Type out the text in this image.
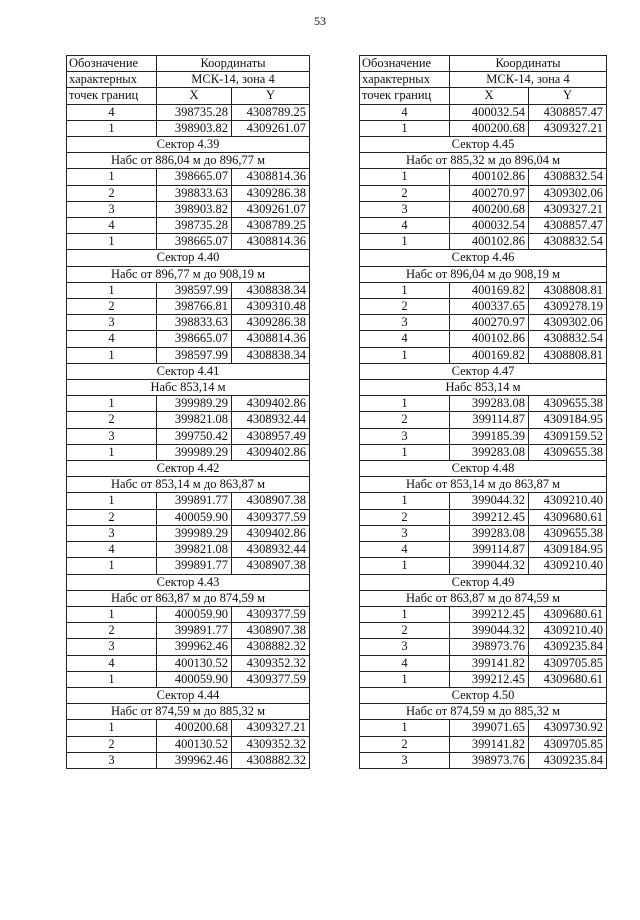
53
Обозначение	Координаты	
характерных	МСК-14, зона 4	
точек границ	X	Y
4	398735.28	4308789.25
1	398903.82	4309261.07
Сектор 4.39		
Набс от 886,04 м до 896,77 м		
1	398665.07	4308814.36
2	398833.63	4309286.38
3	398903.82	4309261.07
4	398735.28	4308789.25
1	398665.07	4308814.36
Сектор 4.40		
Набс от 896,77 м до 908,19 м		
1	398597.99	4308838.34
2	398766.81	4309310.48
3	398833.63	4309286.38
4	398665.07	4308814.36
1	398597.99	4308838.34
Сектор 4.41		
Набс 853,14 м		
1	399989.29	4309402.86
2	399821.08	4308932.44
3	399750.42	4308957.49
1	399989.29	4309402.86
Сектор 4.42		
Набс от 853,14 м до 863,87 м		
1	399891.77	4308907.38
2	400059.90	4309377.59
3	399989.29	4309402.86
4	399821.08	4308932.44
1	399891.77	4308907.38
Сектор 4.43		
Набс от 863,87 м до 874,59 м		
1	400059.90	4309377.59
2	399891.77	4308907.38
3	399962.46	4308882.32
4	400130.52	4309352.32
1	400059.90	4309377.59
Сектор 4.44		
Набс от 874,59 м до 885,32 м		
1	400200.68	4309327.21
2	400130.52	4309352.32
3	399962.46	4308882.32
Обозначение	Координаты	
характерных	МСК-14, зона 4	
точек границ	X	Y
4	400032.54	4308857.47
1	400200.68	4309327.21
Сектор 4.45		
Набс от 885,32 м до 896,04 м		
1	400102.86	4308832.54
2	400270.97	4309302.06
3	400200.68	4309327.21
4	400032.54	4308857.47
1	400102.86	4308832.54
Сектор 4.46		
Набс от 896,04 м до 908,19 м		
1	400169.82	4308808.81
2	400337.65	4309278.19
3	400270.97	4309302.06
4	400102.86	4308832.54
1	400169.82	4308808.81
Сектор 4.47		
Набс 853,14 м		
1	399283.08	4309655.38
2	399114.87	4309184.95
3	399185.39	4309159.52
1	399283.08	4309655.38
Сектор 4.48		
Набс от 853,14 м до 863,87 м		
1	399044.32	4309210.40
2	399212.45	4309680.61
3	399283.08	4309655.38
4	399114.87	4309184.95
1	399044.32	4309210.40
Сектор 4.49		
Набс от 863,87 м до 874,59 м		
1	399212.45	4309680.61
2	399044.32	4309210.40
3	398973.76	4309235.84
4	399141.82	4309705.85
1	399212.45	4309680.61
Сектор 4.50		
Набс от 874,59 м до 885,32 м		
1	399071.65	4309730.92
2	399141.82	4309705.85
3	398973.76	4309235.84
